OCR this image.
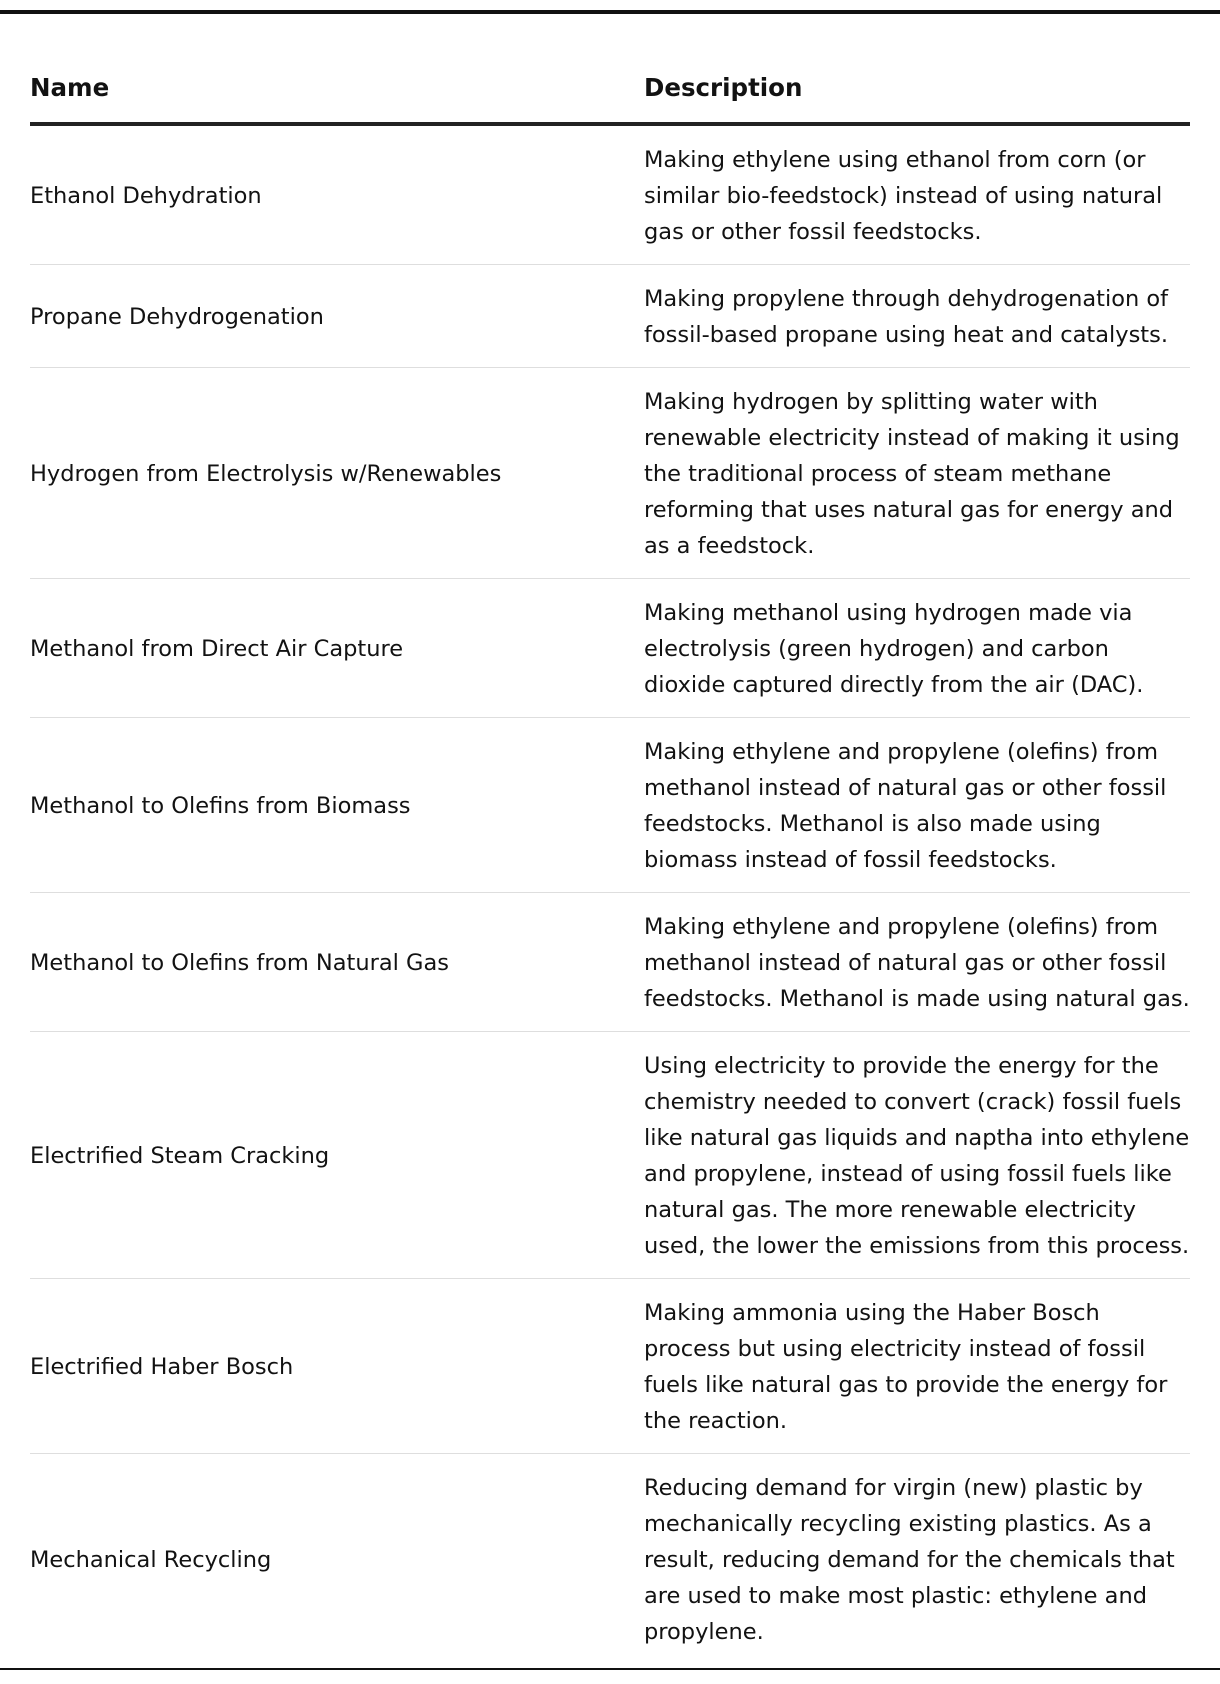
Name	Description
Ethanol Dehydration	Making ethylene using ethanol from corn (or similar bio-feedstock) instead of using natural gas or other fossil feedstocks.
Propane Dehydrogenation	Making propylene through dehydrogenation of fossil-based propane using heat and catalysts.
Hydrogen from Electrolysis w/Renewables	Making hydrogen by splitting water with renewable electricity instead of making it using the traditional process of steam methane reforming that uses natural gas for energy and as a feedstock.
Methanol from Direct Air Capture	Making methanol using hydrogen made via electrolysis (green hydrogen) and carbon dioxide captured directly from the air (DAC).
Methanol to Olefins from Biomass	Making ethylene and propylene (olefins) from methanol instead of natural gas or other fossil feedstocks. Methanol is also made using biomass instead of fossil feedstocks.
Methanol to Olefins from Natural Gas	Making ethylene and propylene (olefins) from methanol instead of natural gas or other fossil feedstocks. Methanol is made using natural gas.
Electrified Steam Cracking	Using electricity to provide the energy for the chemistry needed to convert (crack) fossil fuels like natural gas liquids and naptha into ethylene and propylene, instead of using fossil fuels like natural gas. The more renewable electricity used, the lower the emissions from this process.
Electrified Haber Bosch	Making ammonia using the Haber Bosch process but using electricity instead of fossil fuels like natural gas to provide the energy for the reaction.
Mechanical Recycling	Reducing demand for virgin (new) plastic by mechanically recycling existing plastics. As a result, reducing demand for the chemicals that are used to make most plastic: ethylene and propylene.
